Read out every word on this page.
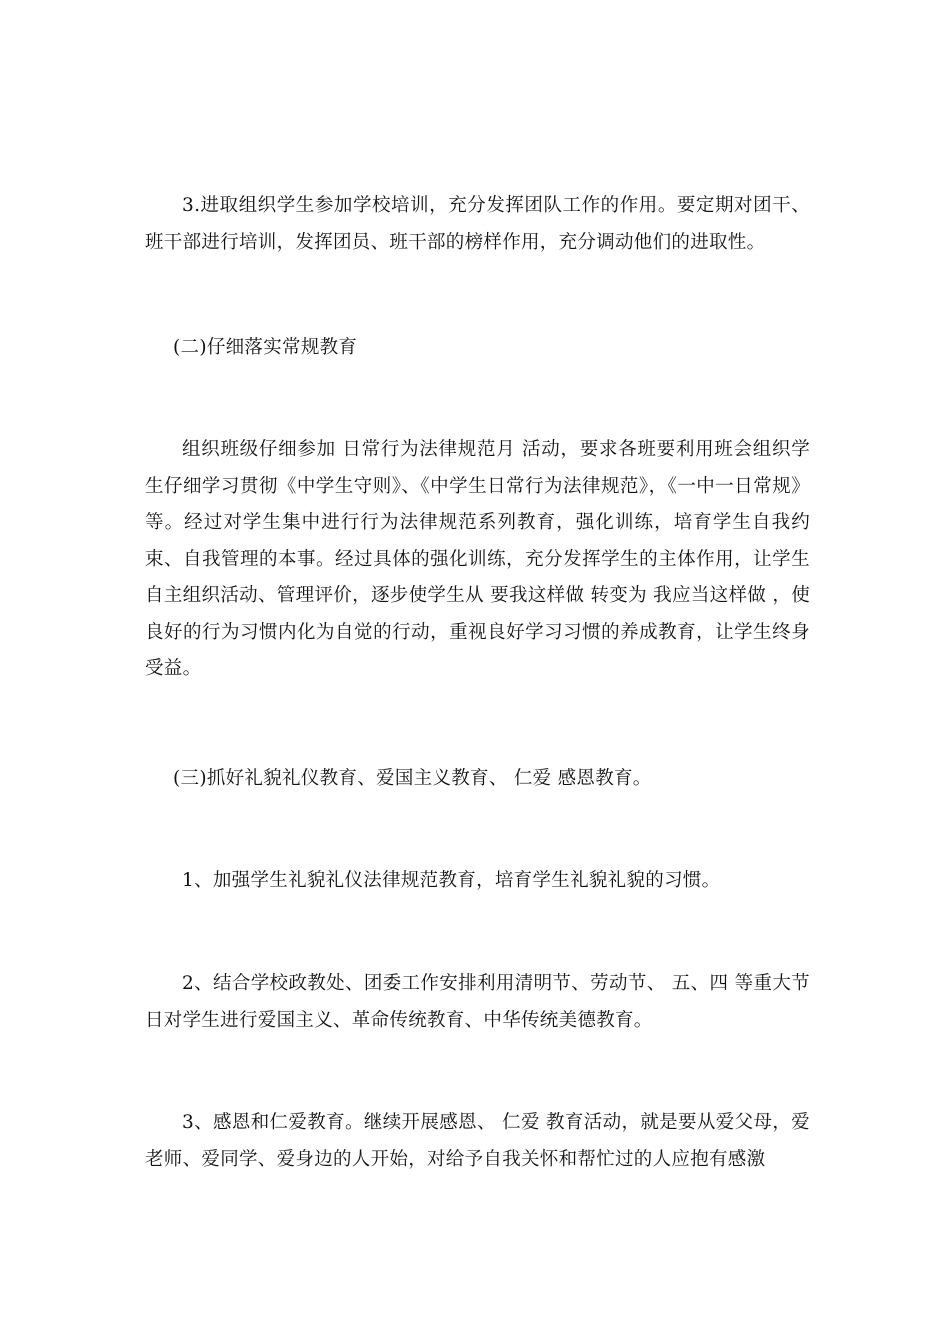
3.进取组织学生参加学校培训，充分发挥团队工作的作用。要定期对团干、班干部进行培训，发挥团员、班干部的榜样作用，充分调动他们的进取性。

(二)仔细落实常规教育

组织班级仔细参加 日常行为法律规范月 活动，要求各班要利用班会组织学生仔细学习贯彻《中学生守则》、《中学生日常行为法律规范》，《一中一日常规》等。经过对学生集中进行行为法律规范系列教育，强化训练，培育学生自我约束、自我管理的本事。经过具体的强化训练，充分发挥学生的主体作用，让学生自主组织活动、管理评价，逐步使学生从 要我这样做 转变为 我应当这样做 ，使良好的行为习惯内化为自觉的行动，重视良好学习习惯的养成教育，让学生终身受益。

(三)抓好礼貌礼仪教育、爱国主义教育、 仁爱 感恩教育。

1、加强学生礼貌礼仪法律规范教育，培育学生礼貌礼貌的习惯。

2、结合学校政教处、团委工作安排利用清明节、劳动节、 五、四 等重大节日对学生进行爱国主义、革命传统教育、中华传统美德教育。

3、感恩和仁爱教育。继续开展感恩、 仁爱 教育活动，就是要从爱父母，爱老师、爱同学、爱身边的人开始，对给予自我关怀和帮忙过的人应抱有感激
